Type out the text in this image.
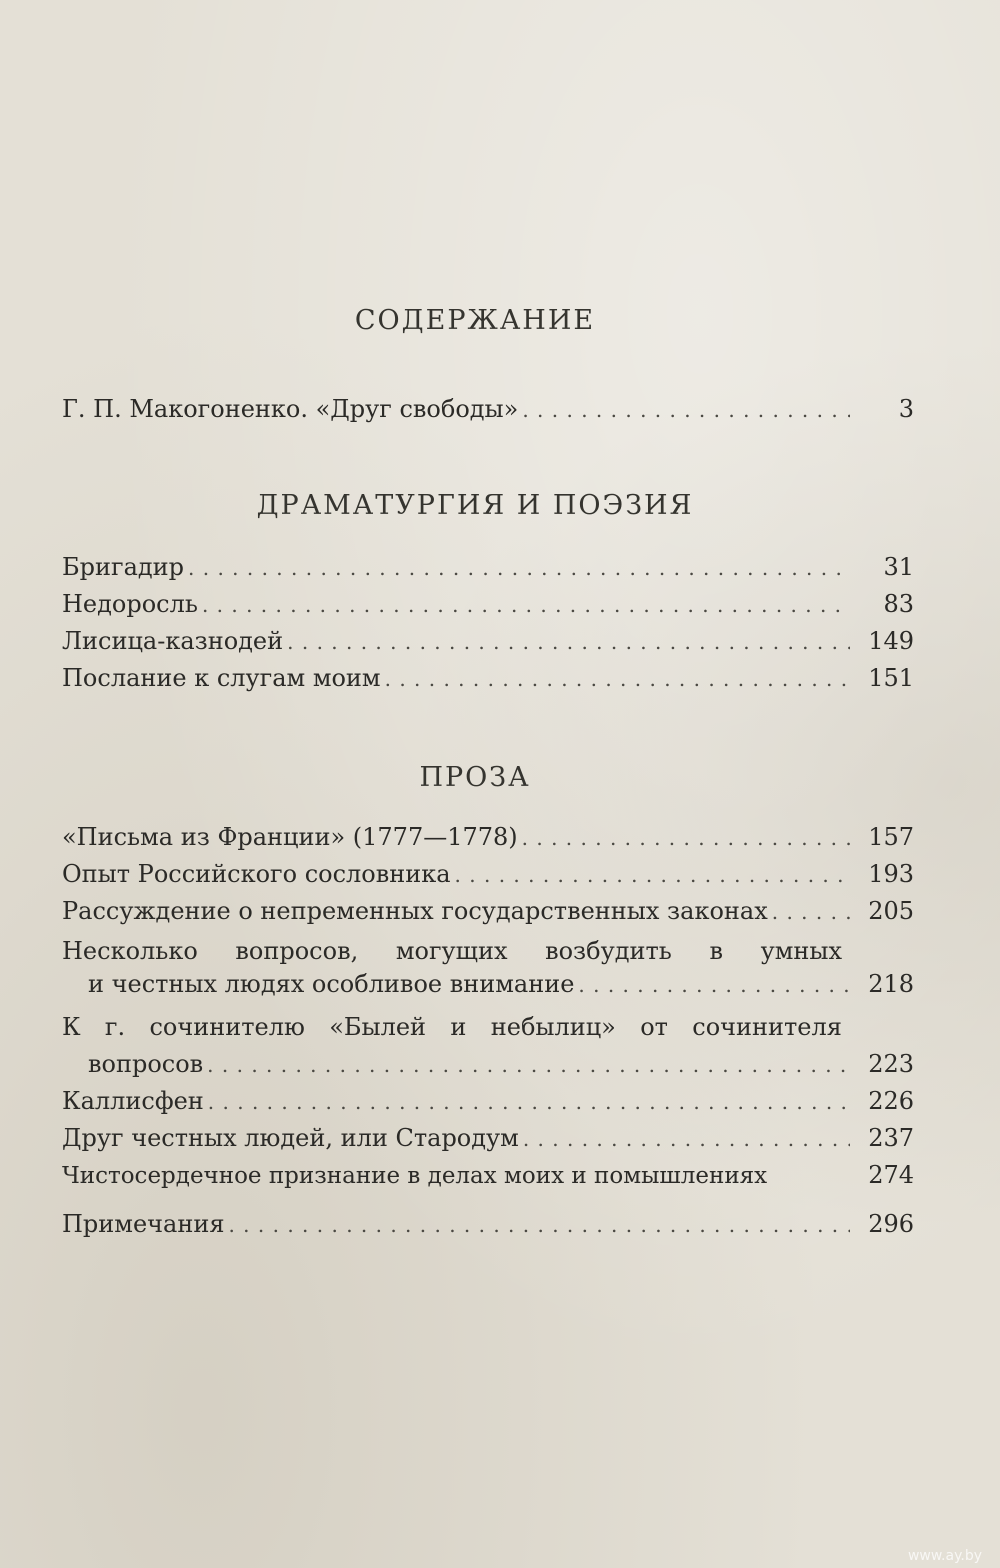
СОДЕРЖАНИЕ
Г. П. Макогоненко. «Друг свободы» . . .	3
ДРАМАТУРГИЯ И ПОЭЗИЯ
Бригадир . . .	31
Недоросль . . .	83
Лисица-казнодей . . .	149
Послание к слугам моим . . .	151
ПРОЗА
«Письма из Франции» (1777—1778) . . .	157
Опыт Российского сословника . . .	193
Рассуждение о непременных государственных законах . . .	205
Несколько вопросов, могущих возбудить в умных
и честных людях особливое внимание . . .	218
К г. сочинителю «Былей и небылиц» от сочинителя
вопросов . . .	223
Каллисфен . . .	226
Друг честных людей, или Стародум . . .	237
Чистосердечное признание в делах моих и помышлениях	274
Примечания . . .	296
www.ay.by
